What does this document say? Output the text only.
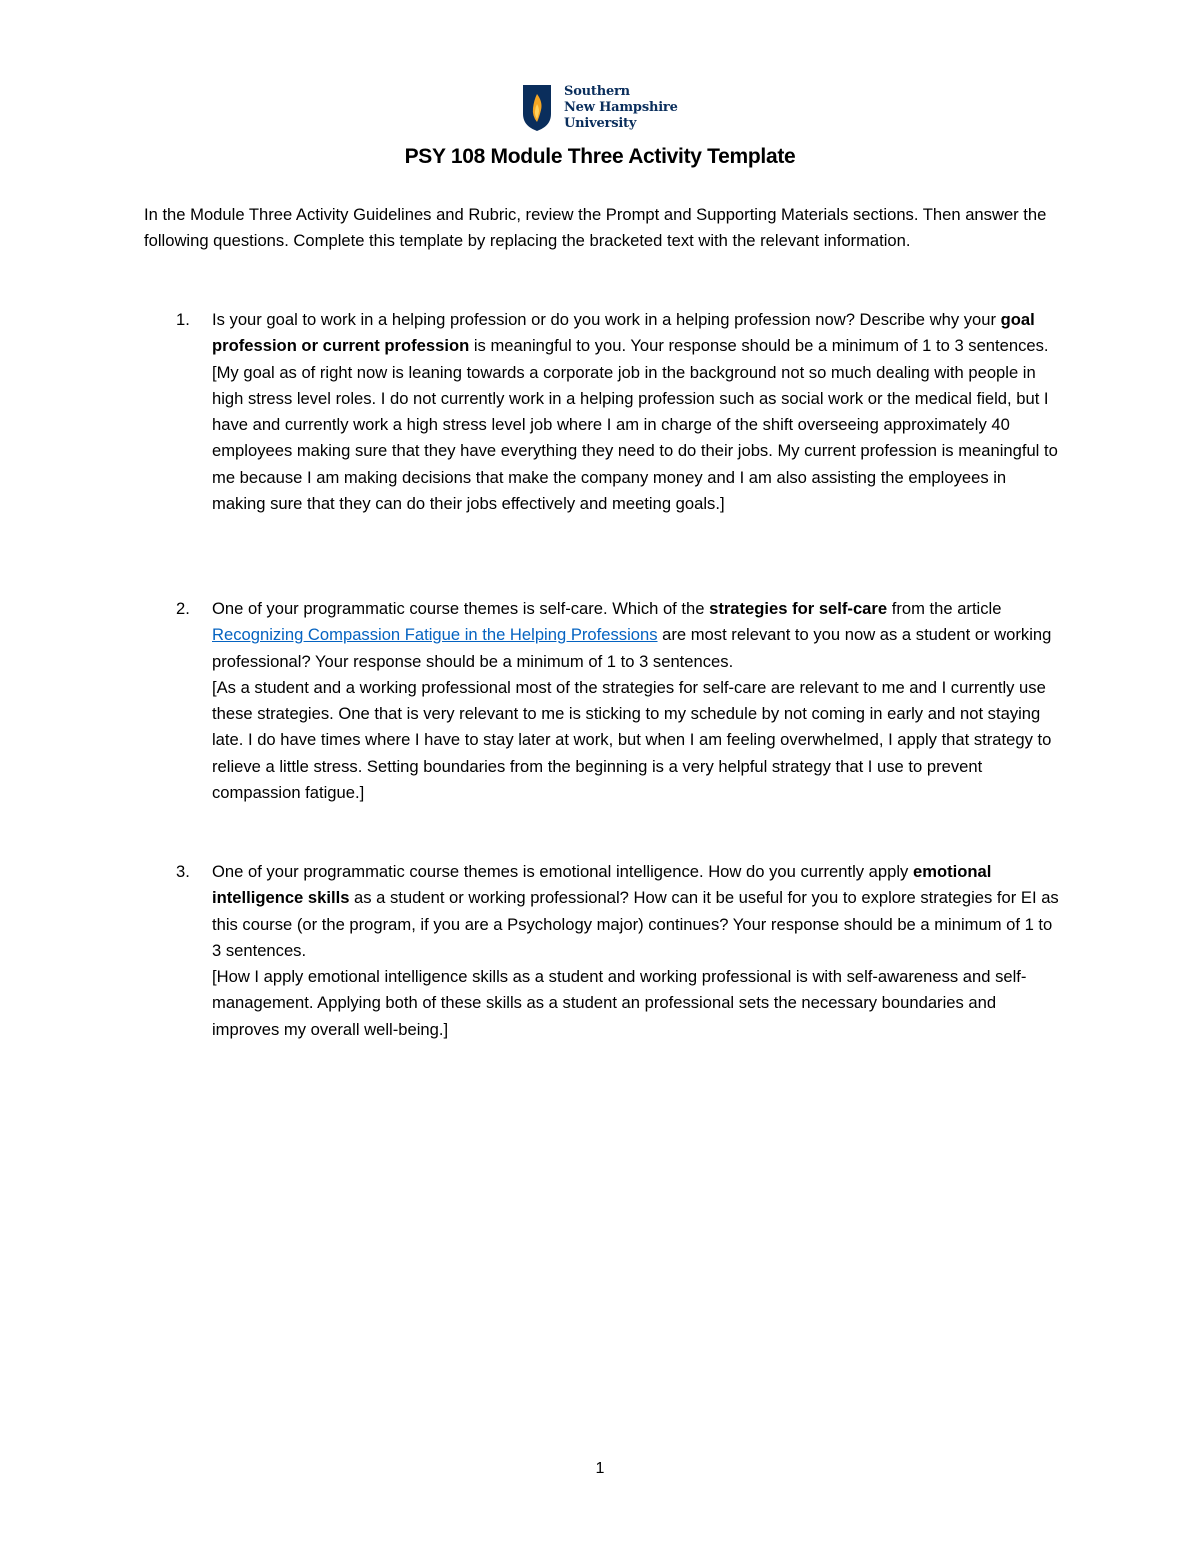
Southern
New Hampshire
University
PSY 108 Module Three Activity Template
In the Module Three Activity Guidelines and Rubric, review the Prompt and Supporting Materials sections. Then answer the following questions. Complete this template by replacing the bracketed text with the relevant information.
1. Is your goal to work in a helping profession or do you work in a helping profession now? Describe why your goal profession or current profession is meaningful to you. Your response should be a minimum of 1 to 3 sentences.
[My goal as of right now is leaning towards a corporate job in the background not so much dealing with people in high stress level roles. I do not currently work in a helping profession such as social work or the medical field, but I have and currently work a high stress level job where I am in charge of the shift overseeing approximately 40 employees making sure that they have everything they need to do their jobs. My current profession is meaningful to me because I am making decisions that make the company money and I am also assisting the employees in making sure that they can do their jobs effectively and meeting goals.]
2. One of your programmatic course themes is self-care. Which of the strategies for self-care from the article Recognizing Compassion Fatigue in the Helping Professions are most relevant to you now as a student or working professional? Your response should be a minimum of 1 to 3 sentences.
[As a student and a working professional most of the strategies for self-care are relevant to me and I currently use these strategies. One that is very relevant to me is sticking to my schedule by not coming in early and not staying late. I do have times where I have to stay later at work, but when I am feeling overwhelmed, I apply that strategy to relieve a little stress. Setting boundaries from the beginning is a very helpful strategy that I use to prevent compassion fatigue.]
3. One of your programmatic course themes is emotional intelligence. How do you currently apply emotional intelligence skills as a student or working professional? How can it be useful for you to explore strategies for EI as this course (or the program, if you are a Psychology major) continues? Your response should be a minimum of 1 to 3 sentences.
[How I apply emotional intelligence skills as a student and working professional is with self-awareness and self-management. Applying both of these skills as a student an professional sets the necessary boundaries and improves my overall well-being.]
1
